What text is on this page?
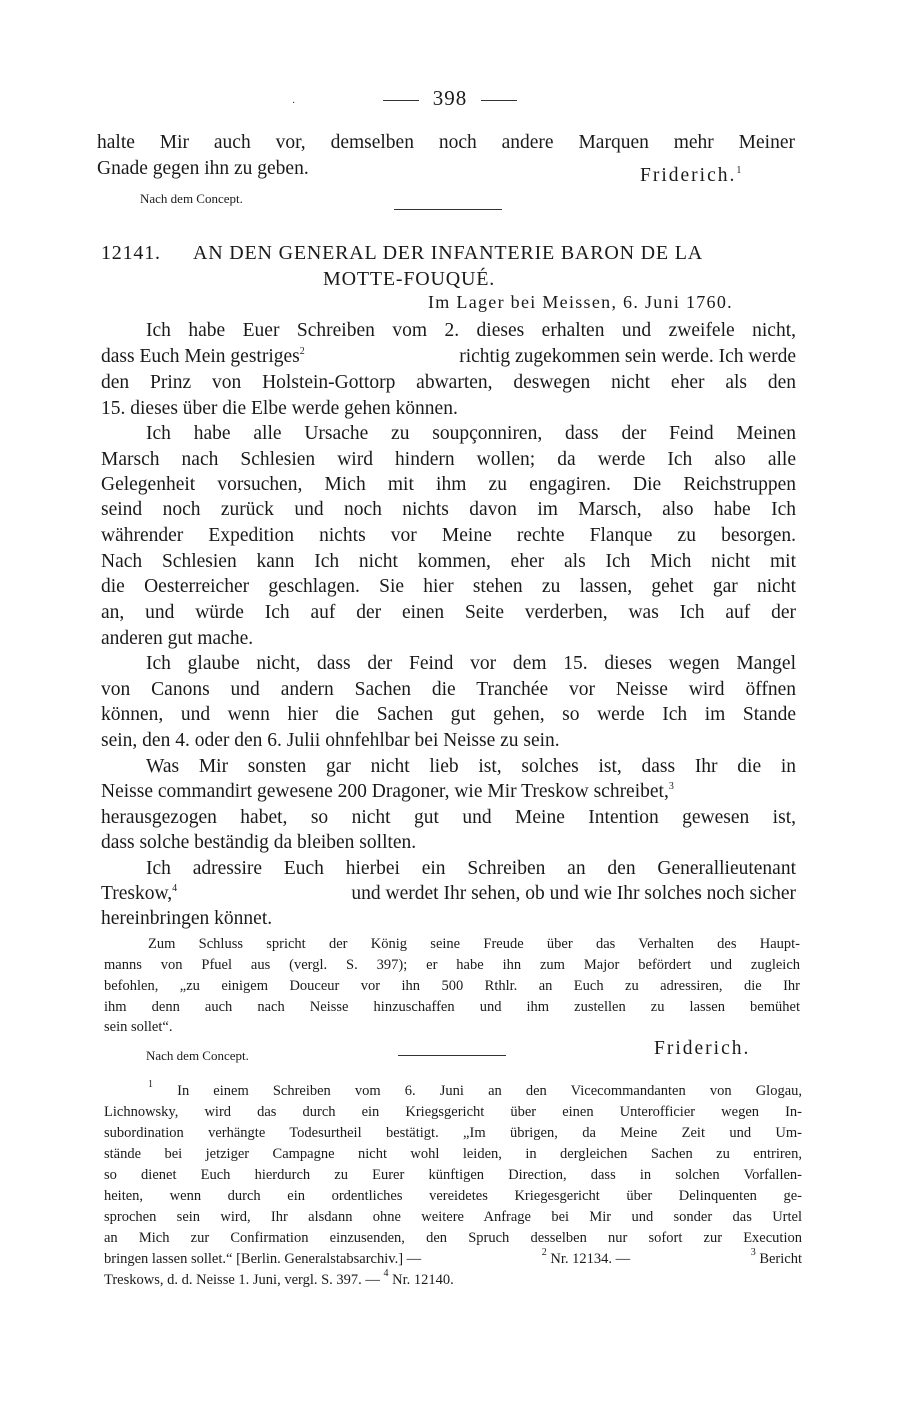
·	398
halte Mir auch vor, demselben noch andere Marquen mehr Meiner
Gnade gegen ihn zu geben.	Friderich.$^1$
Nach dem Concept.
12141. AN DEN GENERAL DER INFANTERIE BARON DE LA
MOTTE-FOUQUÉ.
Im Lager bei Meissen, 6. Juni 1760.
Ich habe Euer Schreiben vom 2. dieses erhalten und zweifele nicht,
dass Euch Mein gestriges$^2$	richtig zugekommen sein werde. Ich werde
den Prinz von Holstein-Gottorp abwarten, deswegen nicht eher als den
15. dieses über die Elbe werde gehen können.
Ich habe alle Ursache zu soupçonniren, dass der Feind Meinen
Marsch nach Schlesien wird hindern wollen; da werde Ich also alle
Gelegenheit vorsuchen, Mich mit ihm zu engagiren. Die Reichstruppen
seind noch zurück und noch nichts davon im Marsch, also habe Ich
währender Expedition nichts vor Meine rechte Flanque zu besorgen.
Nach Schlesien kann Ich nicht kommen, eher als Ich Mich nicht mit
die Oesterreicher geschlagen. Sie hier stehen zu lassen, gehet gar nicht
an, und würde Ich auf der einen Seite verderben, was Ich auf der
anderen gut mache.
Ich glaube nicht, dass der Feind vor dem 15. dieses wegen Mangel
von Canons und andern Sachen die Tranchée vor Neisse wird öffnen
können, und wenn hier die Sachen gut gehen, so werde Ich im Stande
sein, den 4. oder den 6. Julii ohnfehlbar bei Neisse zu sein.
Was Mir sonsten gar nicht lieb ist, solches ist, dass Ihr die in
Neisse commandirt gewesene 200 Dragoner, wie Mir Treskow schreibet,$^3$
herausgezogen habet, so nicht gut und Meine Intention gewesen ist,
dass solche beständig da bleiben sollten.
Ich adressire Euch hierbei ein Schreiben an den Generallieutenant
Treskow,$^4$	und werdet Ihr sehen, ob und wie Ihr solches noch sicher
hereinbringen könnet.
Zum Schluss spricht der König seine Freude über das Verhalten des Haupt-
manns von Pfuel aus (vergl. S. 397); er habe ihn zum Major befördert und zugleich
befohlen, „zu einigem Douceur vor ihn 500 Rthlr. an Euch zu adressiren, die Ihr
ihm denn auch nach Neisse hinzuschaffen und ihm zustellen zu lassen bemühet
sein sollet“.
Nach dem Concept.	Friderich.
$^1$ In einem Schreiben vom 6. Juni an den Vicecommandanten von Glogau,
Lichnowsky, wird das durch ein Kriegsgericht über einen Unterofficier wegen In-
subordination verhängte Todesurtheil bestätigt. „Im übrigen, da Meine Zeit und Um-
stände bei jetziger Campagne nicht wohl leiden, in dergleichen Sachen zu entriren,
so dienet Euch hierdurch zu Eurer künftigen Direction, dass in solchen Vorfallen-
heiten, wenn durch ein ordentliches vereidetes Kriegesgericht über Delinquenten ge-
sprochen sein wird, Ihr alsdann ohne weitere Anfrage bei Mir und sonder das Urtel
an Mich zur Confirmation einzusenden, den Spruch desselben nur sofort zur Execution
bringen lassen sollet.“ [Berlin. Generalstabsarchiv.] —	$^2$ Nr. 12134. —	$^3$ Bericht
Treskows, d. d. Neisse 1. Juni, vergl. S. 397. — $^4$ Nr. 12140.
